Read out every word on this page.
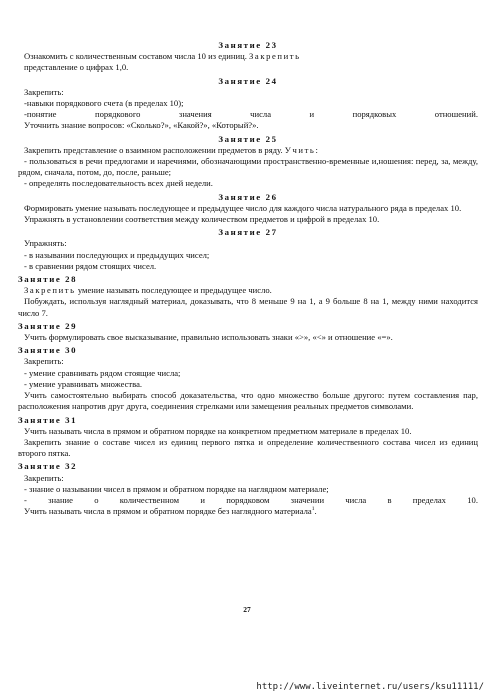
Занятие 23

Ознакомить с количественным составом числа 10 из единиц. Закрепить

представление о цифрах 1,0.

Занятие 24

Закрепить:

-навыки порядкового счета (в пределах 10);

-понятие порядкового значения числа и порядковых отношений.

Уточнить знание вопросов: «Сколько?», «Какой?», «Который?».

Занятие 25

Закрепить представление о взаимном расположении предметов в ряду. Учить:

- пользоваться в речи предлогами и наречиями, обозначающими пространственно-временные и,ношения: перед, за, между, рядом, сначала, потом, до, после, раньше;

- определять последовательность всех дней недели.

Занятие 26

Формировать умение называть последующее и предыдущее число для каждого числа натурального ряда в пределах 10.

Упражнять в установлении соответствия между количеством предметов и цифрой в пределах 10.

Занятие 27

Упражнять:

- в назывании последующих и предыдущих чисел;

- в сравнении рядом стоящих чисел.

Занятие 28

Закрепить умение называть последующее и предыдущее число.

Побуждать, используя наглядный материал, доказывать, что 8 меньше 9 на 1, а 9 больше 8 на 1, между ними находится число 7.

Занятие 29

Учить формулировать свое высказывание, правильно использовать знаки «>», «<» и отношение «=».

Занятие 30

Закрепить:

- умение сравнивать рядом стоящие числа;

- умение уравнивать множества.

Учить самостоятельно выбирать способ доказательства, что одно множество больше другого: путем составления пар, расположения напротив друг друга, соединения стрелками или замещения реальных предметов символами.

Занятие 31

Учить называть числа в прямом и обратном порядке на конкретном предметном материале в пределах 10.

Закрепить знание о составе чисел из единиц первого пятка и определение количественного состава чисел из единиц второго пятка.

Занятие 32

Закрепить:

- знание о назывании чисел в прямом и обратном порядке на наглядном материале;

- знание о количественном и порядковом значении числа в пределах 10.

Учить называть числа в прямом и обратном порядке без наглядного материала$^1$.

27
http://www.liveinternet.ru/users/ksu11111/
